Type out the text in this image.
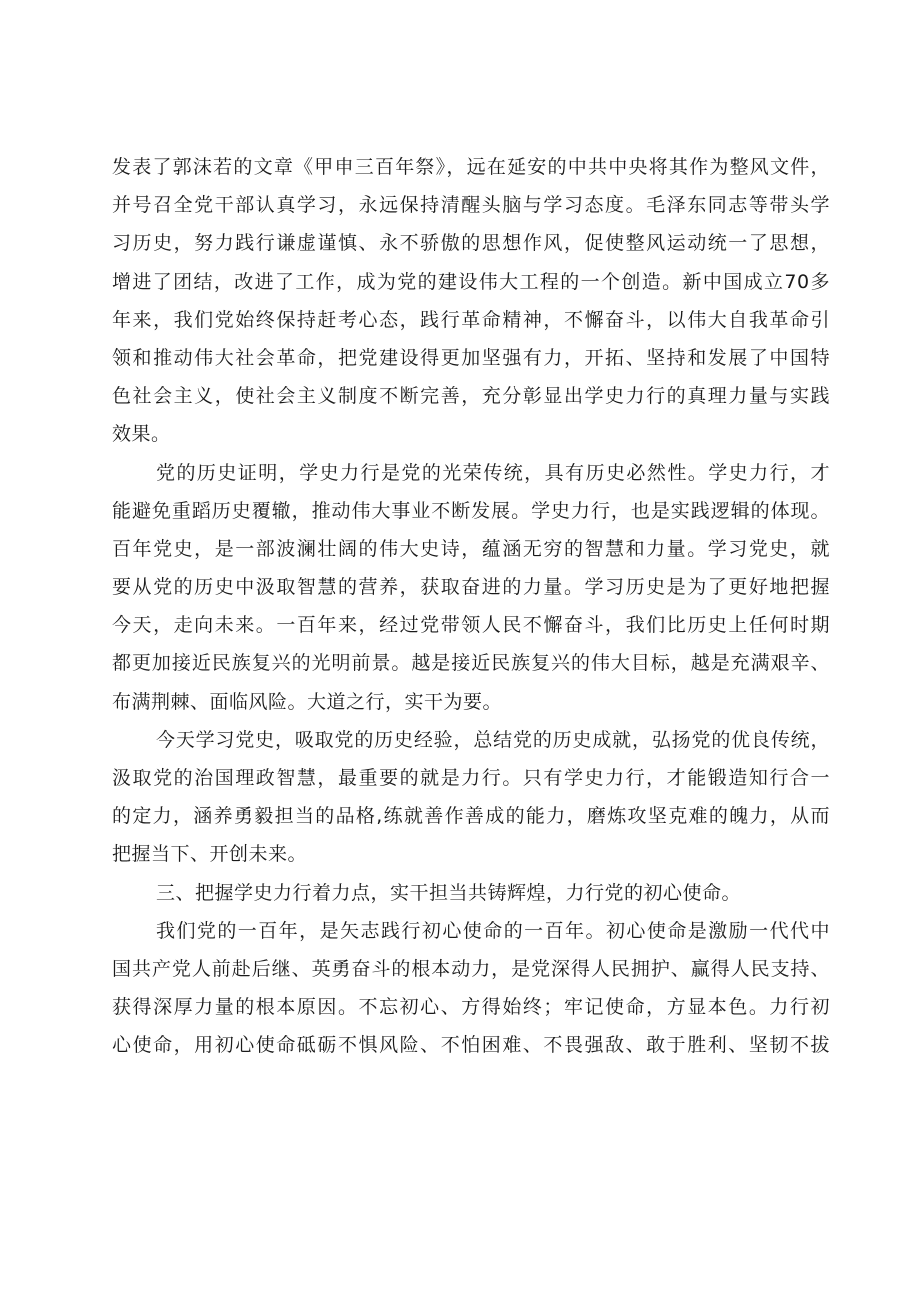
发表了郭沫若的文章《甲申三百年祭》，远在延安的中共中央将其作为整风文件，
并号召全党干部认真学习，永远保持清醒头脑与学习态度。毛泽东同志等带头学
习历史，努力践行谦虚谨慎、永不骄傲的思想作风，促使整风运动统一了思想，
增进了团结，改进了工作，成为党的建设伟大工程的一个创造。新中国成立70多
年来，我们党始终保持赶考心态，践行革命精神，不懈奋斗，以伟大自我革命引
领和推动伟大社会革命，把党建设得更加坚强有力，开拓、坚持和发展了中国特
色社会主义，使社会主义制度不断完善，充分彰显出学史力行的真理力量与实践
效果。
党的历史证明，学史力行是党的光荣传统，具有历史必然性。学史力行，才
能避免重蹈历史覆辙，推动伟大事业不断发展。学史力行，也是实践逻辑的体现。
百年党史，是一部波澜壮阔的伟大史诗，蕴涵无穷的智慧和力量。学习党史，就
要从党的历史中汲取智慧的营养，获取奋进的力量。学习历史是为了更好地把握
今天，走向未来。一百年来，经过党带领人民不懈奋斗，我们比历史上任何时期
都更加接近民族复兴的光明前景。越是接近民族复兴的伟大目标，越是充满艰辛、
布满荆棘、面临风险。大道之行，实干为要。
今天学习党史，吸取党的历史经验，总结党的历史成就，弘扬党的优良传统，
汲取党的治国理政智慧，最重要的就是力行。只有学史力行，才能锻造知行合一
的定力，涵养勇毅担当的品格,练就善作善成的能力，磨炼攻坚克难的魄力，从而
把握当下、开创未来。
三、把握学史力行着力点，实干担当共铸辉煌，力行党的初心使命。
我们党的一百年，是矢志践行初心使命的一百年。初心使命是激励一代代中
国共产党人前赴后继、英勇奋斗的根本动力，是党深得人民拥护、赢得人民支持、
获得深厚力量的根本原因。不忘初心、方得始终；牢记使命，方显本色。力行初
心使命，用初心使命砥砺不惧风险、不怕困难、不畏强敌、敢于胜利、坚韧不拔
